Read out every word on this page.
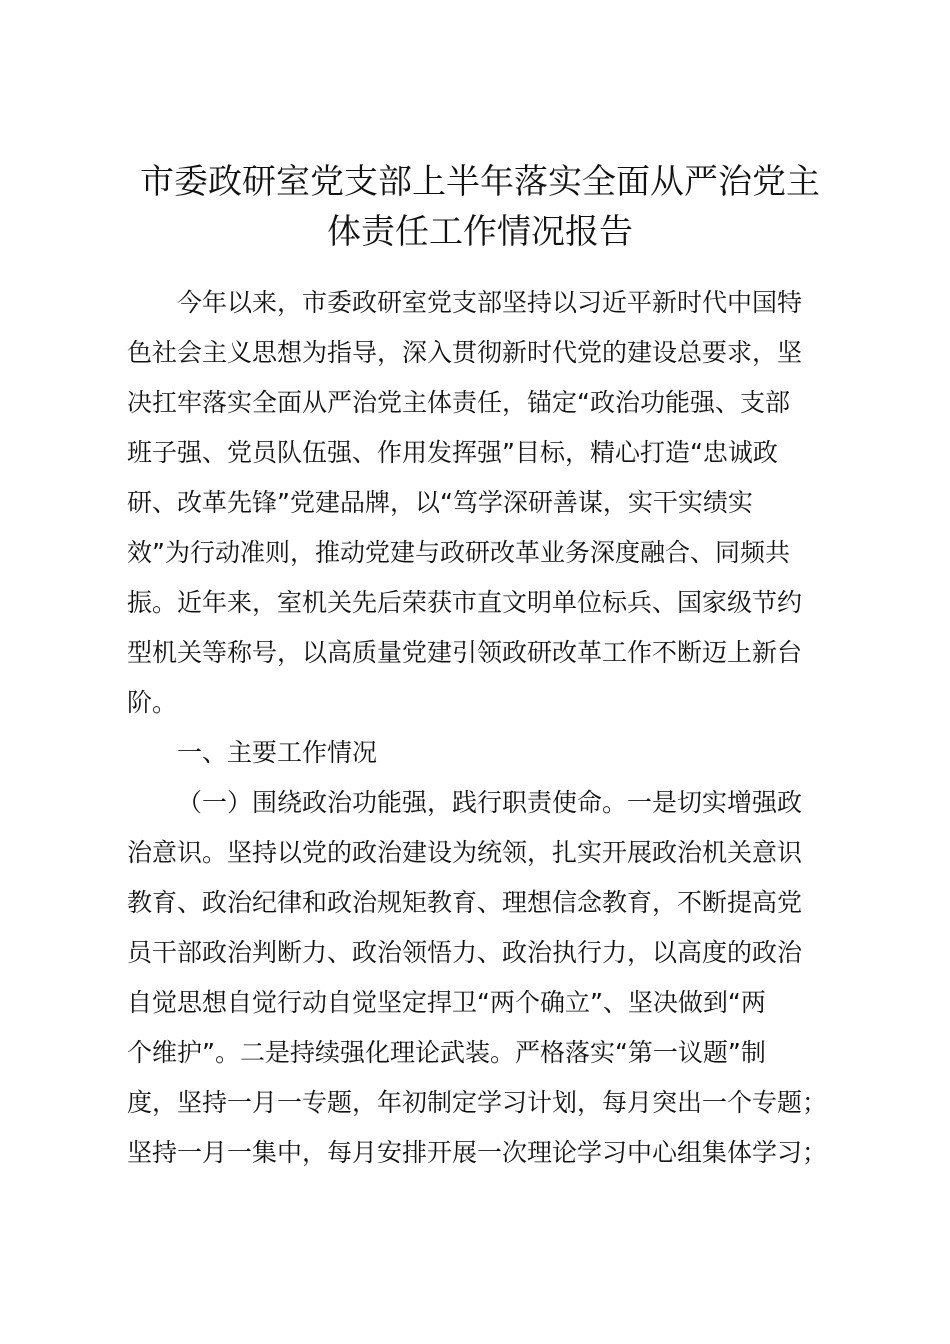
市委政研室党支部上半年落实全面从严治党主
体责任工作情况报告
今年以来，市委政研室党支部坚持以习近平新时代中国特
色社会主义思想为指导，深入贯彻新时代党的建设总要求，坚
决扛牢落实全面从严治党主体责任，锚定“政治功能强、支部
班子强、党员队伍强、作用发挥强”目标，精心打造“忠诚政
研、改革先锋”党建品牌，以“笃学深研善谋，实干实绩实
效”为行动准则，推动党建与政研改革业务深度融合、同频共
振。近年来，室机关先后荣获市直文明单位标兵、国家级节约
型机关等称号，以高质量党建引领政研改革工作不断迈上新台
阶。
一、主要工作情况
（一）围绕政治功能强，践行职责使命。一是切实增强政
治意识。坚持以党的政治建设为统领，扎实开展政治机关意识
教育、政治纪律和政治规矩教育、理想信念教育，不断提高党
员干部政治判断力、政治领悟力、政治执行力，以高度的政治
自觉思想自觉行动自觉坚定捍卫“两个确立”、坚决做到“两
个维护”。二是持续强化理论武装。严格落实“第一议题”制
度，坚持一月一专题，年初制定学习计划，每月突出一个专题；
坚持一月一集中，每月安排开展一次理论学习中心组集体学习；
